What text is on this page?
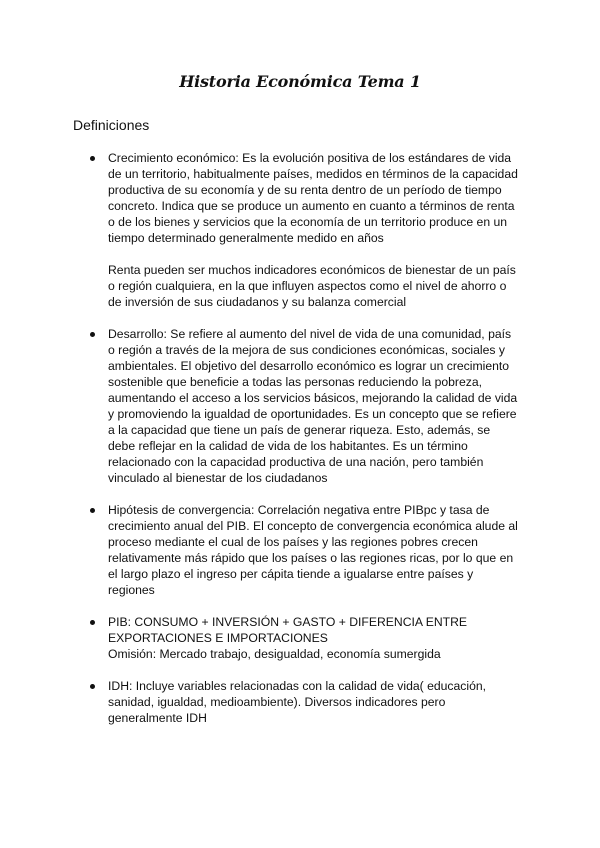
Historia Económica Tema 1
Definiciones
Crecimiento económico: Es la evolución positiva de los estándares de vida de un territorio, habitualmente países, medidos en términos de la capacidad productiva de su economía y de su renta dentro de un período de tiempo concreto. Indica que se produce un aumento en cuanto a términos de renta o de los bienes y servicios que la economía de un territorio produce en un tiempo determinado generalmente medido en años
Renta pueden ser muchos indicadores económicos de bienestar de un país o región cualquiera, en la que influyen aspectos como el nivel de ahorro o de inversión de sus ciudadanos y su balanza comercial
Desarrollo: Se refiere al aumento del nivel de vida de una comunidad, país o región a través de la mejora de sus condiciones económicas, sociales y ambientales. El objetivo del desarrollo económico es lograr un crecimiento sostenible que beneficie a todas las personas reduciendo la pobreza, aumentando el acceso a los servicios básicos, mejorando la calidad de vida y promoviendo la igualdad de oportunidades. Es un concepto que se refiere a la capacidad que tiene un país de generar riqueza. Esto, además, se debe reflejar en la calidad de vida de los habitantes. Es un término relacionado con la capacidad productiva de una nación, pero también vinculado al bienestar de los ciudadanos
Hipótesis de convergencia: Correlación negativa entre PIBpc y tasa de crecimiento anual del PIB. El concepto de convergencia económica alude al proceso mediante el cual de los países y las regiones pobres crecen relativamente más rápido que los países o las regiones ricas, por lo que en el largo plazo el ingreso per cápita tiende a igualarse entre países y regiones
PIB: CONSUMO + INVERSIÓN + GASTO + DIFERENCIA ENTRE EXPORTACIONES E IMPORTACIONES
Omisión: Mercado trabajo, desigualdad, economía sumergida
IDH: Incluye variables relacionadas con la calidad de vida( educación, sanidad, igualdad, medioambiente). Diversos indicadores pero generalmente IDH
